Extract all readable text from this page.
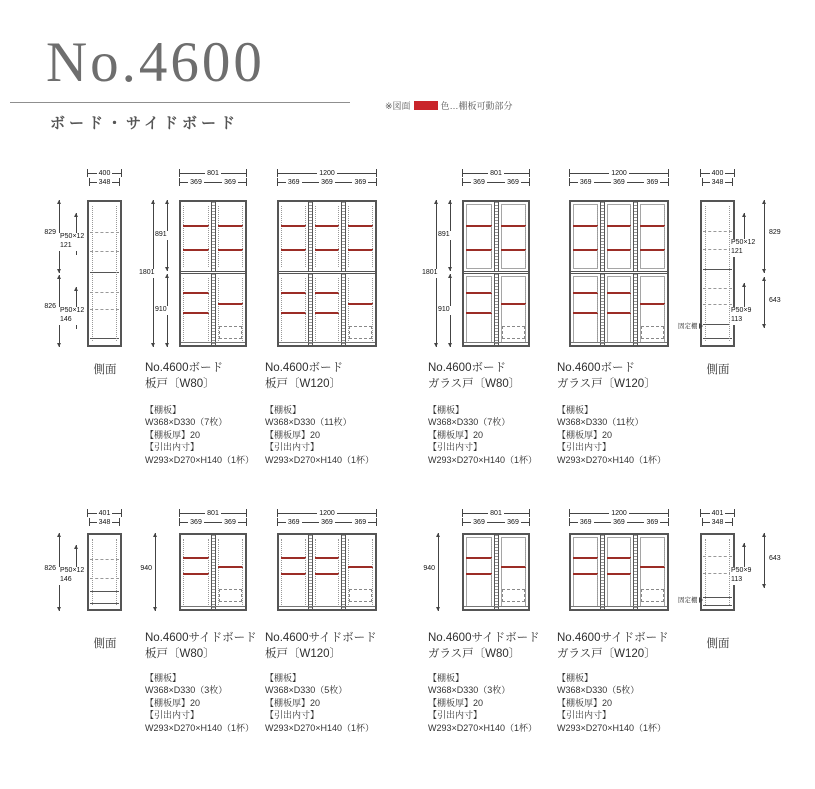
No.4600
ボード・サイドボード
※図面	色…棚板可動部分
400
348
829
P50×12
121
826
P50×12
146
側面
801
369	369
1801
891
910
No.4600ボード
板戸〔W80〕
【棚板】
W368×D330（7枚）
【棚板厚】20
【引出内寸】
W293×D270×H140（1杯）
1200
369	369	369
No.4600ボード
板戸〔W120〕
【棚板】
W368×D330（11枚）
【棚板厚】20
【引出内寸】
W293×D270×H140（1杯）
801
369	369
1801
891
910
No.4600ボード
ガラス戸〔W80〕
【棚板】
W368×D330（7枚）
【棚板厚】20
【引出内寸】
W293×D270×H140（1杯）
1200
369	369	369
No.4600ボード
ガラス戸〔W120〕
【棚板】
W368×D330（11枚）
【棚板厚】20
【引出内寸】
W293×D270×H140（1杯）
400
348
829
P50×12
121
643
P50×9
113
固定棚
側面
401
348
826 P50×12
146
側面
801
369	369
940
No.4600サイドボード
板戸〔W80〕
【棚板】
W368×D330（3枚）
【棚板厚】20
【引出内寸】
W293×D270×H140（1杯）
1200
369	369	369
No.4600サイドボード
板戸〔W120〕
【棚板】
W368×D330（5枚）
【棚板厚】20
【引出内寸】
W293×D270×H140（1杯）
801
369	369
940
No.4600サイドボード
ガラス戸〔W80〕
【棚板】
W368×D330（3枚）
【棚板厚】20
【引出内寸】
W293×D270×H140（1杯）
1200
369	369	369
No.4600サイドボード
ガラス戸〔W120〕
【棚板】
W368×D330（5枚）
【棚板厚】20
【引出内寸】
W293×D270×H140（1杯）
401
348
643
P50×9
113
固定棚
側面
